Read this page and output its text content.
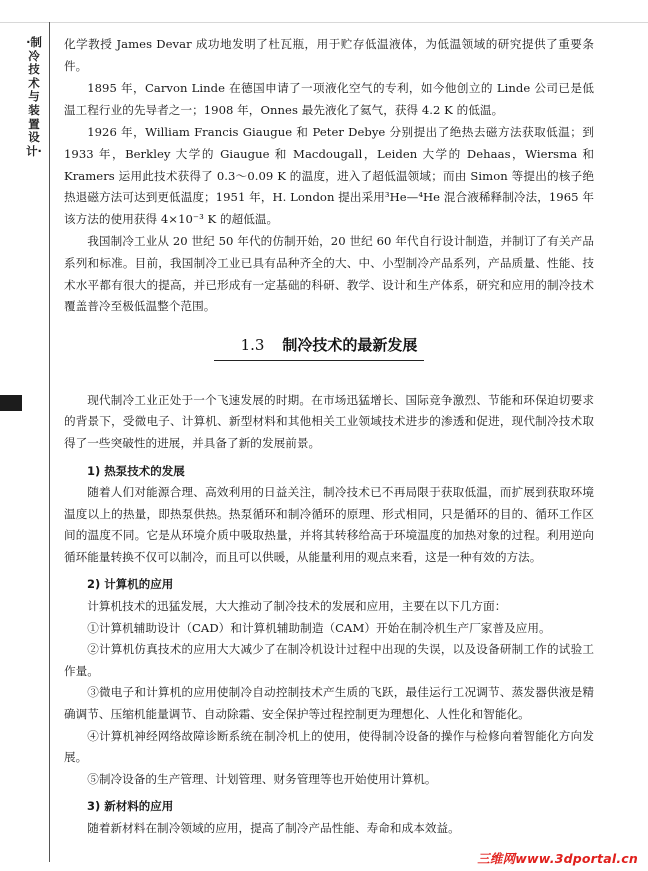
·制冷技术与装置设计·

化学教授 James Devar 成功地发明了杜瓦瓶，用于贮存低温液体，为低温领域的研究提供了重要条件。

1895 年，Carvon Linde 在德国申请了一项液化空气的专利，如今他创立的 Linde 公司已是低温工程行业的先导者之一；1908 年，Onnes 最先液化了氦气，获得 4.2 K 的低温。

1926 年，William Francis Giaugue 和 Peter Debye 分别提出了绝热去磁方法获取低温；到 1933 年，Berkley 大学的 Giaugue 和 Macdougall，Leiden 大学的 Dehaas，Wiersma 和 Kramers 运用此技术获得了 0.3～0.09 K 的温度，进入了超低温领域；而由 Simon 等提出的核子绝热退磁方法可达到更低温度；1951 年，H. London 提出采用³He—⁴He 混合液稀释制冷法，1965 年该方法的使用获得 4×10⁻³ K 的超低温。

我国制冷工业从 20 世纪 50 年代的仿制开始，20 世纪 60 年代自行设计制造，并制订了有关产品系列和标准。目前，我国制冷工业已具有品种齐全的大、中、小型制冷产品系列，产品质量、性能、技术水平都有很大的提高，并已形成有一定基础的科研、教学、设计和生产体系，研究和应用的制冷技术覆盖普冷至极低温整个范围。

1.3 制冷技术的最新发展

现代制冷工业正处于一个飞速发展的时期。在市场迅猛增长、国际竞争激烈、节能和环保迫切要求的背景下，受微电子、计算机、新型材料和其他相关工业领域技术进步的渗透和促进，现代制冷技术取得了一些突破性的进展，并具备了新的发展前景。

1) 热泵技术的发展

随着人们对能源合理、高效利用的日益关注，制冷技术已不再局限于获取低温，而扩展到获取环境温度以上的热量，即热泵供热。热泵循环和制冷循环的原理、形式相同，只是循环的目的、循环工作区间的温度不同。它是从环境介质中吸取热量，并将其转移给高于环境温度的加热对象的过程。利用逆向循环能量转换不仅可以制冷，而且可以供暖，从能量利用的观点来看，这是一种有效的方法。

2) 计算机的应用

计算机技术的迅猛发展，大大推动了制冷技术的发展和应用，主要在以下几方面：

①计算机辅助设计（CAD）和计算机辅助制造（CAM）开始在制冷机生产厂家普及应用。

②计算机仿真技术的应用大大减少了在制冷机设计过程中出现的失误，以及设备研制工作的试验工作量。

③微电子和计算机的应用使制冷自动控制技术产生质的飞跃，最佳运行工况调节、蒸发器供液是精确调节、压缩机能量调节、自动除霜、安全保护等过程控制更为理想化、人性化和智能化。

④计算机神经网络故障诊断系统在制冷机上的使用，使得制冷设备的操作与检修向着智能化方向发展。

⑤制冷设备的生产管理、计划管理、财务管理等也开始使用计算机。

3) 新材料的应用

随着新材料在制冷领域的应用，提高了制冷产品性能、寿命和成本效益。

三维网www.3dportal.cn
